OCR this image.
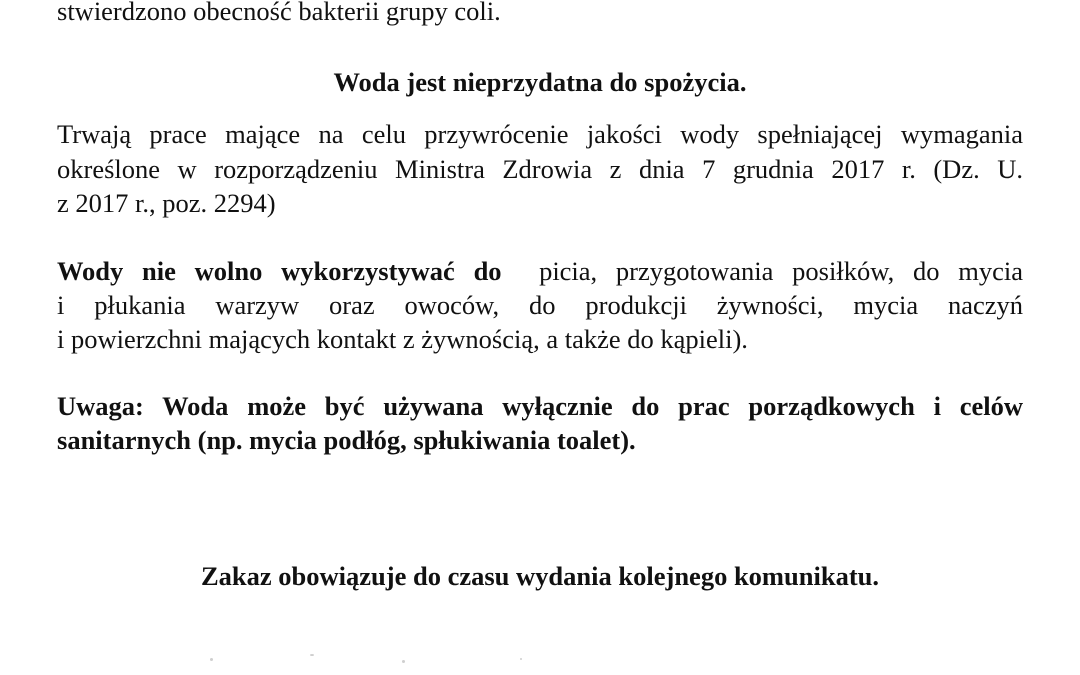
stwierdzono obecność bakterii grupy coli.
Woda jest nieprzydatna do spożycia.
Trwają prace mające na celu przywrócenie jakości wody spełniającej wymagania
określone w rozporządzeniu Ministra Zdrowia z dnia 7 grudnia 2017 r. (Dz. U.
z 2017 r., poz. 2294)
Wody nie wolno wykorzystywać do  picia, przygotowania posiłków, do mycia
i płukania warzyw oraz owoców, do produkcji żywności, mycia naczyń
i powierzchni mających kontakt z żywnością, a także do kąpieli).
Uwaga: Woda może być używana wyłącznie do prac porządkowych i celów
sanitarnych (np. mycia podłóg, spłukiwania toalet).
Zakaz obowiązuje do czasu wydania kolejnego komunikatu.
